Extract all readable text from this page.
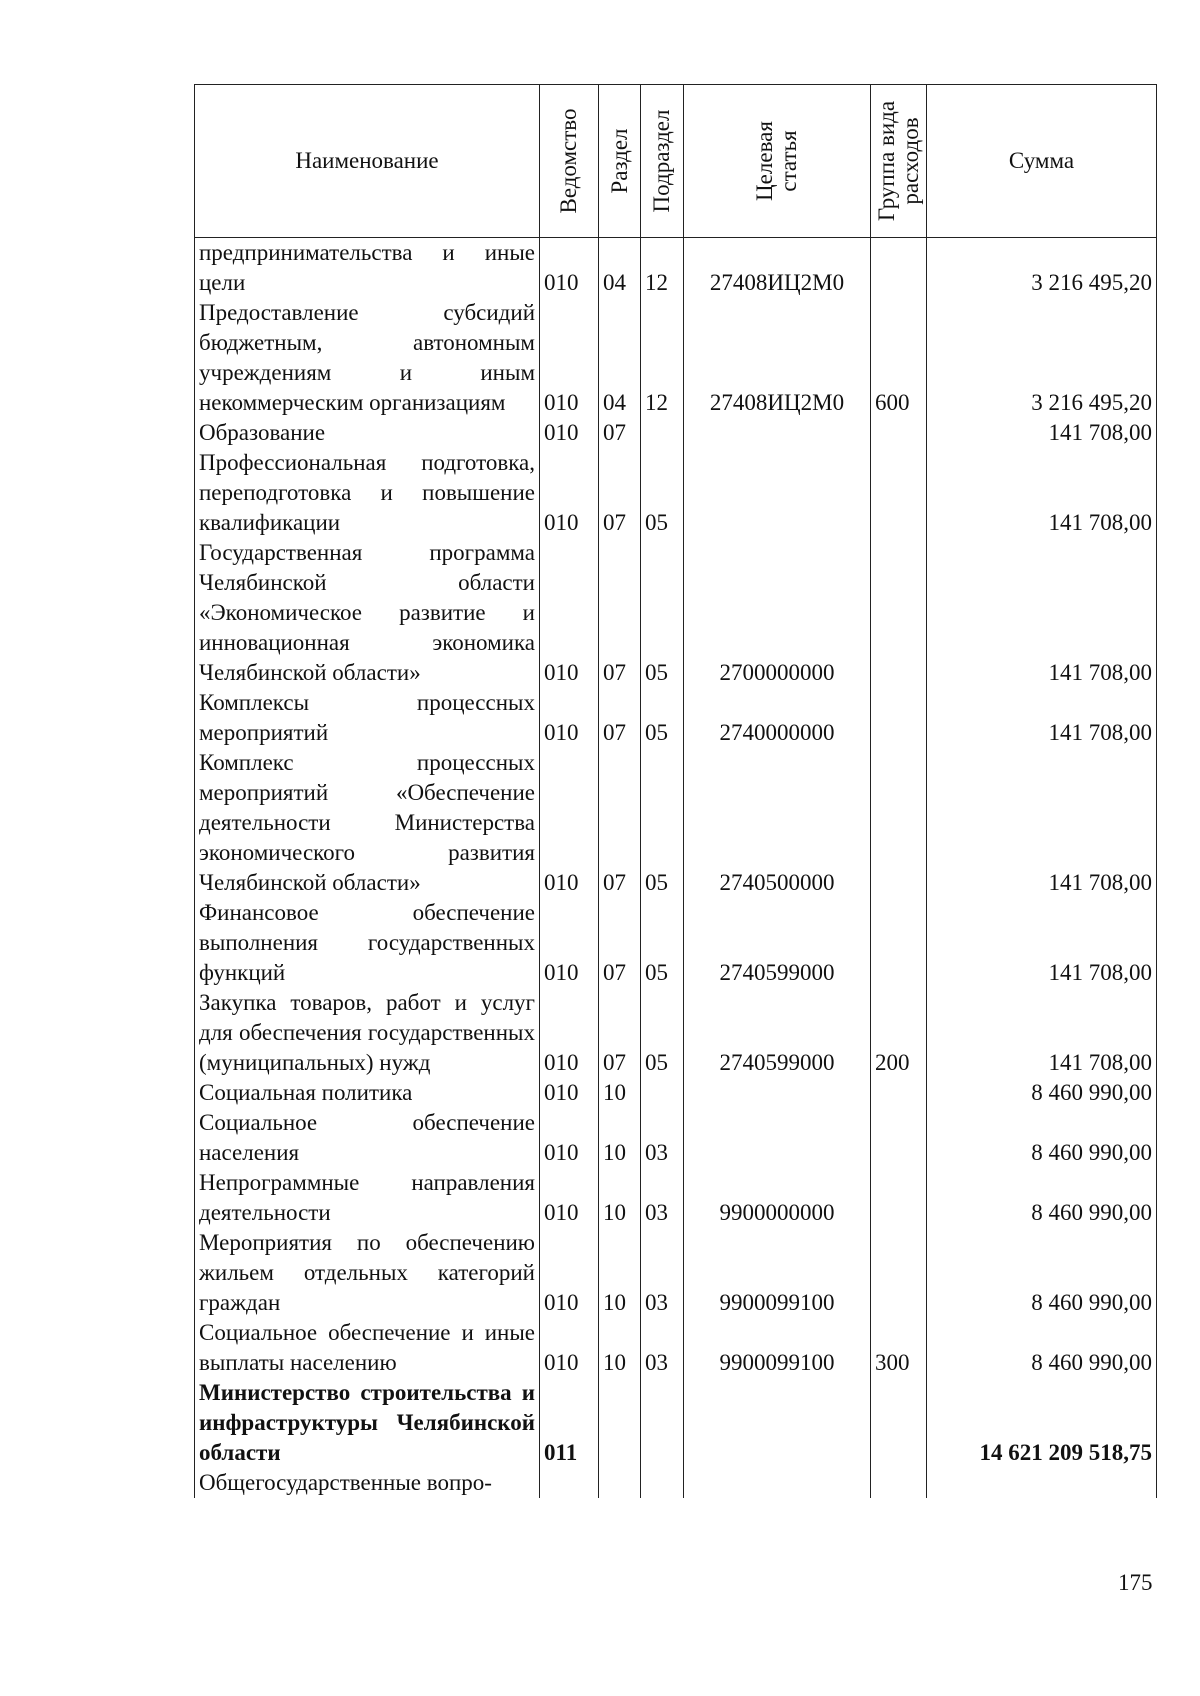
Наименование	Ведомство	Раздел	Подраздел	Целевая статья	Группа вида расходов	Сумма
предпринимательства и иные цели	010	04	12	27408ИЦ2М0		3 216 495,20
Предоставление субсидий бюджетным, автономным учреждениям и иным некоммерческим организациям	010	04	12	27408ИЦ2М0	600	3 216 495,20
Образование	010	07				141 708,00
Профессиональная подготовка, переподготовка и повышение квалификации	010	07	05			141 708,00
Государственная программа Челябинской области «Экономическое развитие и инновационная экономика Челябинской области»	010	07	05	2700000000		141 708,00
Комплексы процессных мероприятий	010	07	05	2740000000		141 708,00
Комплекс процессных мероприятий «Обеспечение деятельности Министерства экономического развития Челябинской области»	010	07	05	2740500000		141 708,00
Финансовое обеспечение выполнения государственных функций	010	07	05	2740599000		141 708,00
Закупка товаров, работ и услуг для обеспечения государственных (муниципальных) нужд	010	07	05	2740599000	200	141 708,00
Социальная политика	010	10				8 460 990,00
Социальное обеспечение населения	010	10	03			8 460 990,00
Непрограммные направления деятельности	010	10	03	9900000000		8 460 990,00
Мероприятия по обеспечению жильем отдельных категорий граждан	010	10	03	9900099100		8 460 990,00
Социальное обеспечение и иные выплаты населению	010	10	03	9900099100	300	8 460 990,00
Министерство строительства и инфраструктуры Челябинской области	011					14 621 209 518,75
Общегосударственные вопро-						
175
